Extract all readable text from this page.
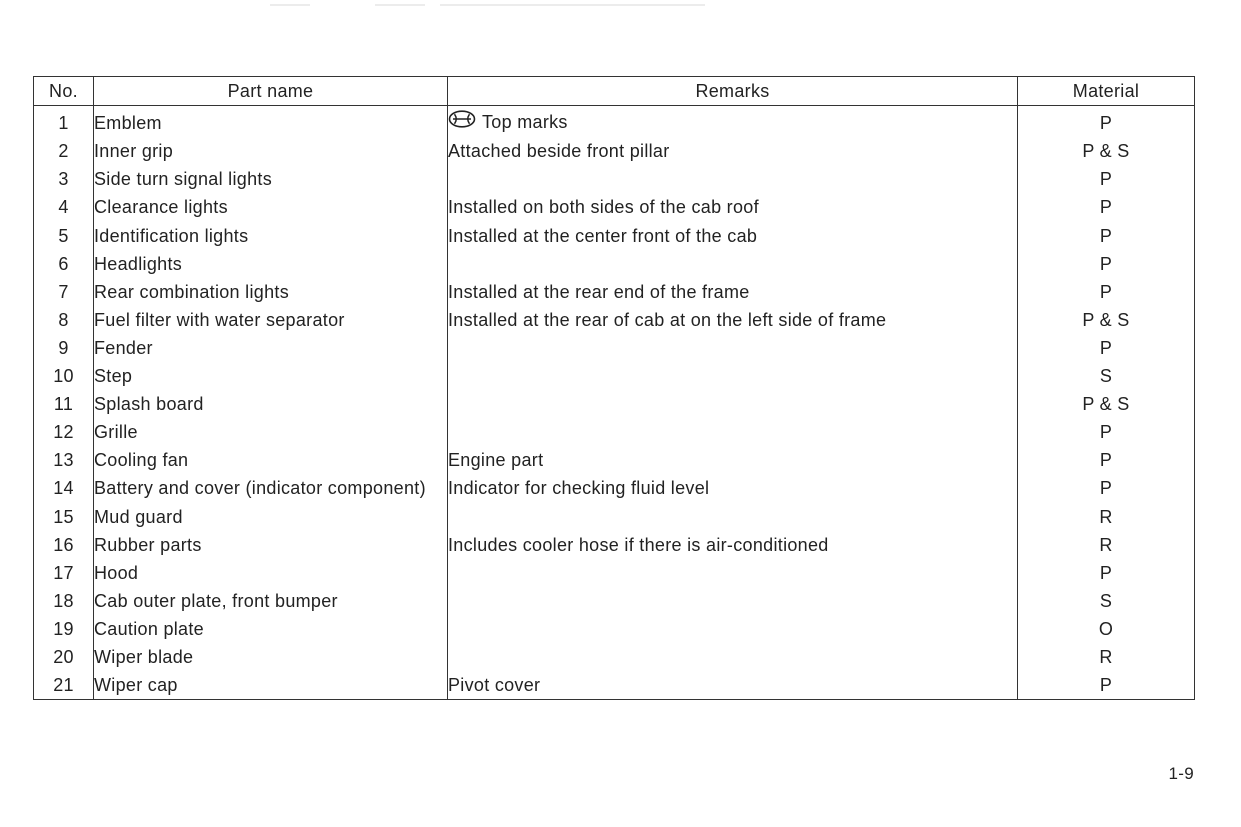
No.	Part name	Remarks	Material
1	Emblem	Top marks	P
2	Inner grip	Attached beside front pillar	P & S
3	Side turn signal lights		P
4	Clearance lights	Installed on both sides of the cab roof	P
5	Identification lights	Installed at the center front of the cab	P
6	Headlights		P
7	Rear combination lights	Installed at the rear end of the frame	P
8	Fuel filter with water separator	Installed at the rear of cab at on the left side of frame	P & S
9	Fender		P
10	Step		S
11	Splash board		P & S
12	Grille		P
13	Cooling fan	Engine part	P
14	Battery and cover (indicator component)	Indicator for checking fluid level	P
15	Mud guard		R
16	Rubber parts	Includes cooler hose if there is air-conditioned	R
17	Hood		P
18	Cab outer plate, front bumper		S
19	Caution plate		O
20	Wiper blade		R
21	Wiper cap	Pivot cover	P
1-9
